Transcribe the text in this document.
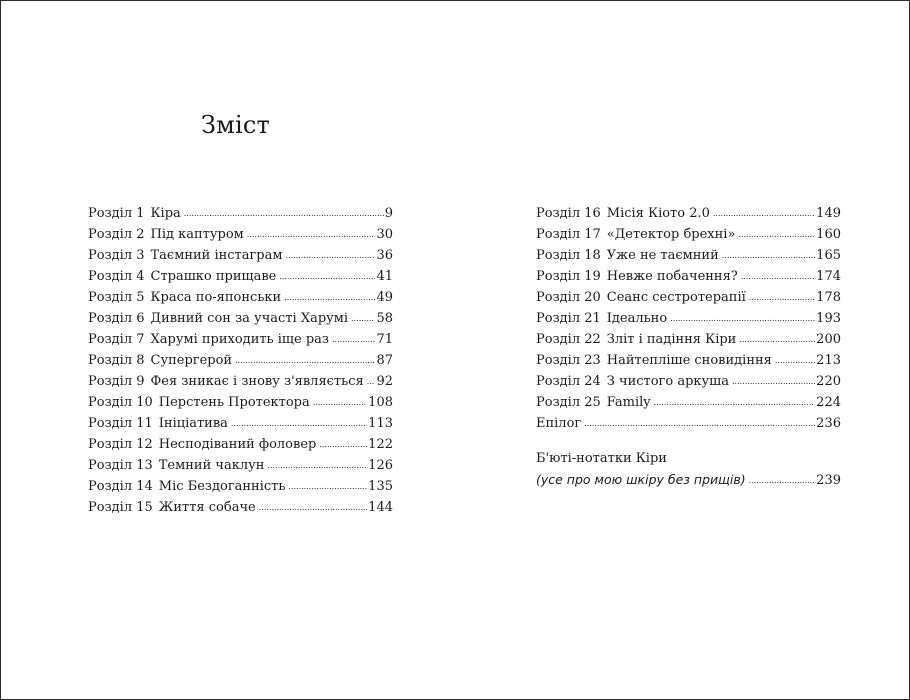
Зміст
Розділ 1 Кіра .....	9
Розділ 2 Під каптуром .....	30
Розділ 3 Таємний інстаграм .....	36
Розділ 4 Страшко прищаве .....	41
Розділ 5 Краса по-японськи .....	49
Розділ 6 Дивний сон за участі Харумі ..... 58
Розділ 7 Харумі приходить іще раз .....	71
Розділ 8 Супергерой .....	87
Розділ 9 Фея зникає і знову з'являється ..... 92
Розділ 10 Перстень Протектора .....	108
Розділ 11 Ініціатива .....	113
Розділ 12 Несподіваний фоловер .....	122
Розділ 13 Темний чаклун .....	126
Розділ 14 Міс Бездоганність .....	135
Розділ 15 Життя собаче .....	144
Розділ 16 Місія Кіото 2.0 .....	149
Розділ 17 «Детектор брехні» .....	160
Розділ 18 Уже не таємний .....	165
Розділ 19 Невже побачення? .....	174
Розділ 20 Сеанс сестротерапії .....	178
Розділ 21 Ідеально .....	193
Розділ 22 Зліт і падіння Кіри .....	200
Розділ 23 Найтепліше сновидіння .....	213
Розділ 24 З чистого аркуша .....	220
Розділ 25 Family .....	224
Епілог .....	236
Б'юті-нотатки Кіри
(усе про мою шкіру без прищів) .....	239
